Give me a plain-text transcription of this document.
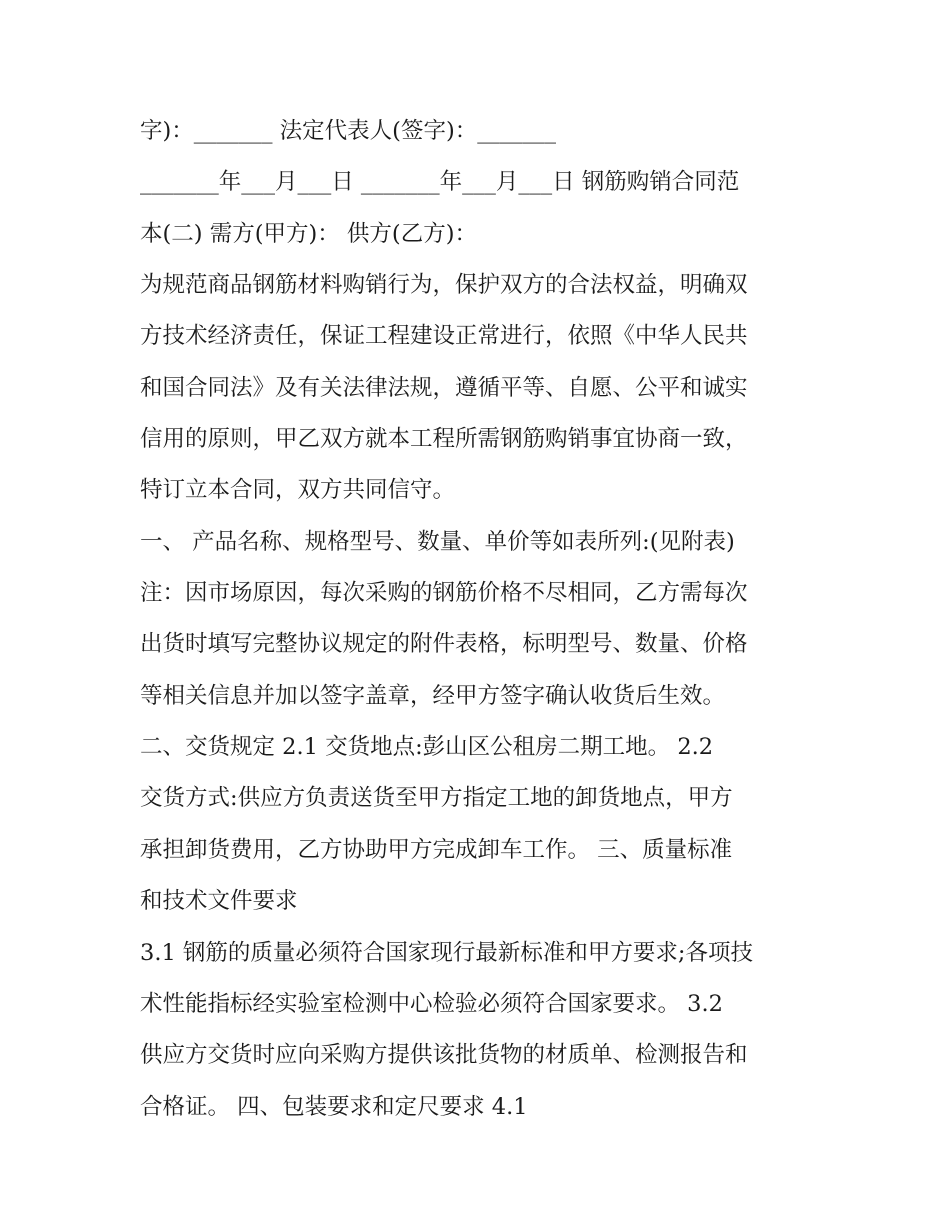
字)：_______ 法定代表人(签字)：_______
_______年___月___日 _______年___月___日 钢筋购销合同范
本(二) 需方(甲方)： 供方(乙方)：
为规范商品钢筋材料购销行为，保护双方的合法权益，明确双
方技术经济责任，保证工程建设正常进行，依照《中华人民共
和国合同法》及有关法律法规，遵循平等、自愿、公平和诚实
信用的原则，甲乙双方就本工程所需钢筋购销事宜协商一致，
特订立本合同，双方共同信守。
一、 产品名称、规格型号、数量、单价等如表所列:(见附表)
注：因市场原因，每次采购的钢筋价格不尽相同，乙方需每次
出货时填写完整协议规定的附件表格，标明型号、数量、价格
等相关信息并加以签字盖章，经甲方签字确认收货后生效。
二、交货规定 2.1 交货地点:彭山区公租房二期工地。 2.2
交货方式:供应方负责送货至甲方指定工地的卸货地点，甲方
承担卸货费用，乙方协助甲方完成卸车工作。 三、质量标准
和技术文件要求
3.1 钢筋的质量必须符合国家现行最新标准和甲方要求;各项技
术性能指标经实验室检测中心检验必须符合国家要求。 3.2
供应方交货时应向采购方提供该批货物的材质单、检测报告和
合格证。 四、包装要求和定尺要求 4.1
